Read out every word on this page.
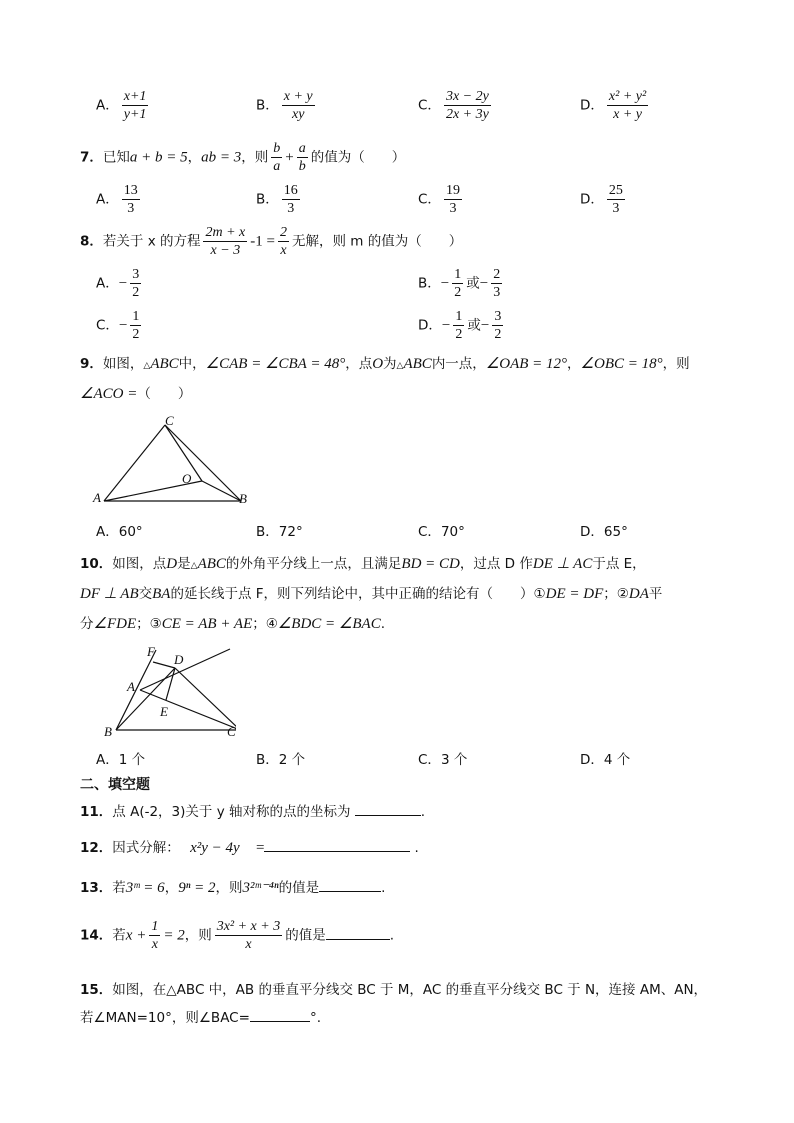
A． $\frac{x+1}{y+1}$	B． $\frac{x + y}{xy}$	C． $\frac{3x - 2y}{2x + 3y}$	D． $\frac{\text{x² + y²}}{x + y}$
7．已知a + b = 5，ab = 3，则 $\frac{b}{a} + \frac{a}{b}$ 的值为（　　）
A． $\frac{13}{3}$	B． $\frac{16}{3}$	C． $\frac{19}{3}$	D． $\frac{25}{3}$
8．若关于 x 的方程 $\frac{2m + x}{x - 3} -1 = \frac{2}{x}$ 无解，则 m 的值为（　　）
A．− $\frac{3}{2}$	B．− $\frac{1}{2}$ 或− $\frac{2}{3}$
C．− $\frac{1}{2}$	D．− $\frac{1}{2}$ 或− $\frac{3}{2}$
9．如图，△ABC中，∠CAB = ∠CBA = 48°，点O为△ABC内一点，∠OAB = 12°，∠OBC = 18°，则
∠ACO =（　　）
A	B
C
O
A．60°	B．72°	C．70°	D．65°
10．如图，点D是△ABC的外角平分线上一点，且满足BD = CD，过点 D 作DE ⊥ AC于点 E，
DF ⊥ AB交BA的延长线于点 F，则下列结论中，其中正确的结论有（　　）①DE = DF；②DA平
分∠FDE；③CE = AB + AE；④∠BDC = ∠BAC.
F
D
A
E
B	C
A．1 个	B．2 个	C．3 个	D．4 个
二、填空题
11．点 A(-2，3)关于 y 轴对称的点的坐标为	.
12．因式分解： x²y − 4y =	.
13．若3ᵐ = 6，9ⁿ = 2，则3²ᵐ⁻⁴ⁿ的值是	.
14．若$x + \frac{1}{x} = 2$，则 $\frac{\text{3x² + x + 3}}{x}$ 的值是	.
15．如图，在△ABC 中，AB 的垂直平分线交 BC 于 M，AC 的垂直平分线交 BC 于 N，连接 AM、AN，
若∠MAN=10°，则∠BAC=	°.
